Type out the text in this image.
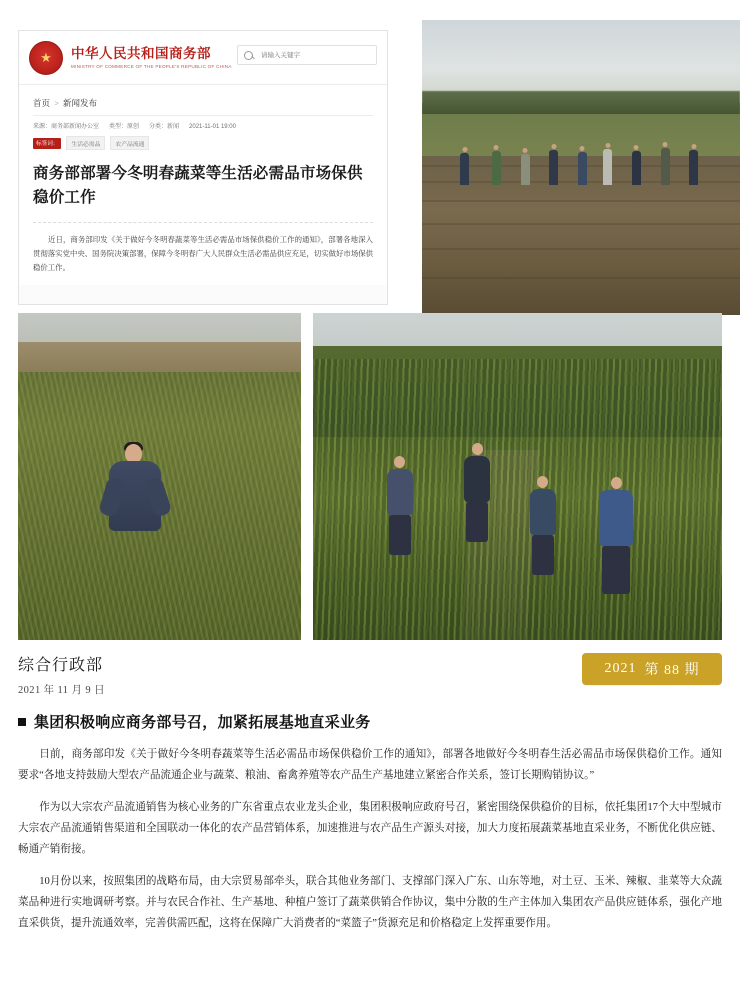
★
中华人民共和国商务部
MINISTRY OF COMMERCE OF THE PEOPLE'S REPUBLIC OF CHINA
请输入关键字
首页 > 新闻发布
来源：商务部新闻办公室 类型：原创 分类：新闻 2021-11-01 19:00
标签词：	生活必需品	农产品流通
商务部部署今冬明春蔬菜等生活必需品市场保供稳价工作
近日，商务部印发《关于做好今冬明春蔬菜等生活必需品市场保供稳价工作的通知》，部署各地深入贯彻落实党中央、国务院决策部署，保障今冬明春广大人民群众生活必需品供应充足，切实做好市场保供稳价工作。
综合行政部
2021 年 11 月 9 日
2021 第 88 期
集团积极响应商务部号召，加紧拓展基地直采业务

日前，商务部印发《关于做好今冬明春蔬菜等生活必需品市场保供稳价工作的通知》，部署各地做好今冬明春生活必需品市场保供稳价工作。通知要求“各地支持鼓励大型农产品流通企业与蔬菜、粮油、畜禽养殖等农产品生产基地建立紧密合作关系，签订长期购销协议。”

作为以大宗农产品流通销售为核心业务的广东省重点农业龙头企业，集团积极响应政府号召，紧密围绕保供稳价的目标，依托集团17个大中型城市大宗农产品流通销售渠道和全国联动一体化的农产品营销体系，加速推进与农产品生产源头对接，加大力度拓展蔬菜基地直采业务，不断优化供应链、畅通产销衔接。

10月份以来，按照集团的战略布局，由大宗贸易部牵头，联合其他业务部门、支撑部门深入广东、山东等地，对土豆、玉米、辣椒、韭菜等大众蔬菜品种进行实地调研考察。并与农民合作社、生产基地、种植户签订了蔬菜供销合作协议，集中分散的生产主体加入集团农产品供应链体系，强化产地直采供货，提升流通效率，完善供需匹配，这将在保障广大消费者的“菜篮子”货源充足和价格稳定上发挥重要作用。
